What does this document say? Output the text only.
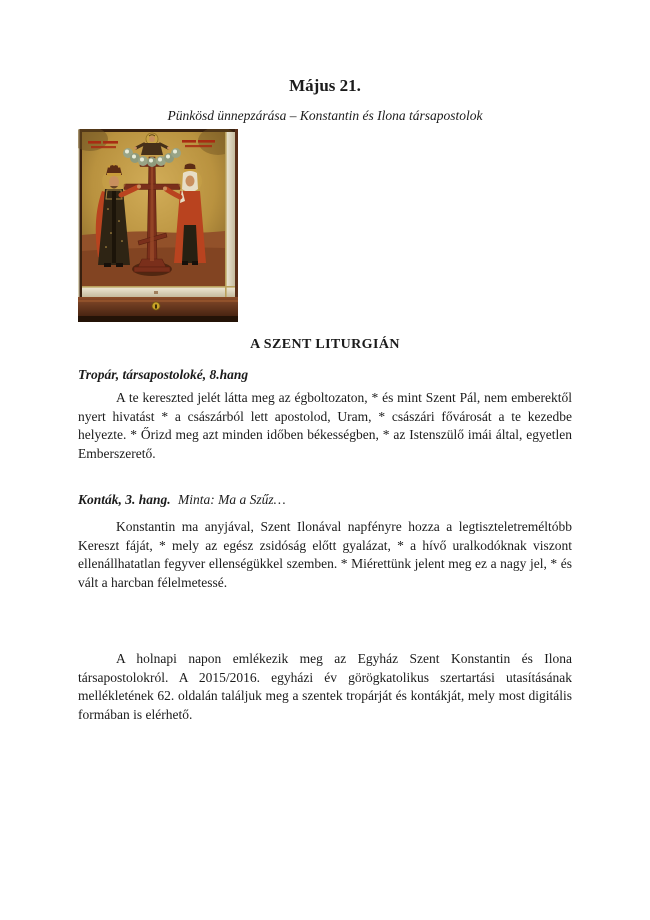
Május 21.
Pünkösd ünnepzárása – Konstantin és Ilona társapostolok
A SZENT LITURGIÁN
Tropár, társapostoloké, 8.hang

A te kereszted jelét látta meg az égboltozaton, * és mint Szent Pál, nem emberektől nyert hivatást * a császárból lett apostolod, Uram, * császári fővárosát a te kezedbe helyezte. * Őrizd meg azt minden időben békességben, * az Istenszülő imái által, egyetlen Emberszerető.

Konták, 3. hang. Minta: Ma a Szűz…

Konstantin ma anyjával, Szent Ilonával napfényre hozza a legtiszteletreméltóbb Kereszt fáját, * mely az egész zsidóság előtt gyalázat, * a hívő uralkodóknak viszont ellenállhatatlan fegyver ellenségükkel szemben. * Miérettünk jelent meg ez a nagy jel, * és vált a harcban félelmetessé.

A holnapi napon emlékezik meg az Egyház Szent Konstantin és Ilona társapostolokról. A 2015/2016. egyházi év görögkatolikus szertartási utasításának mellékletének 62. oldalán találjuk meg a szentek tropárját és kontákját, mely most digitális formában is elérhető.
